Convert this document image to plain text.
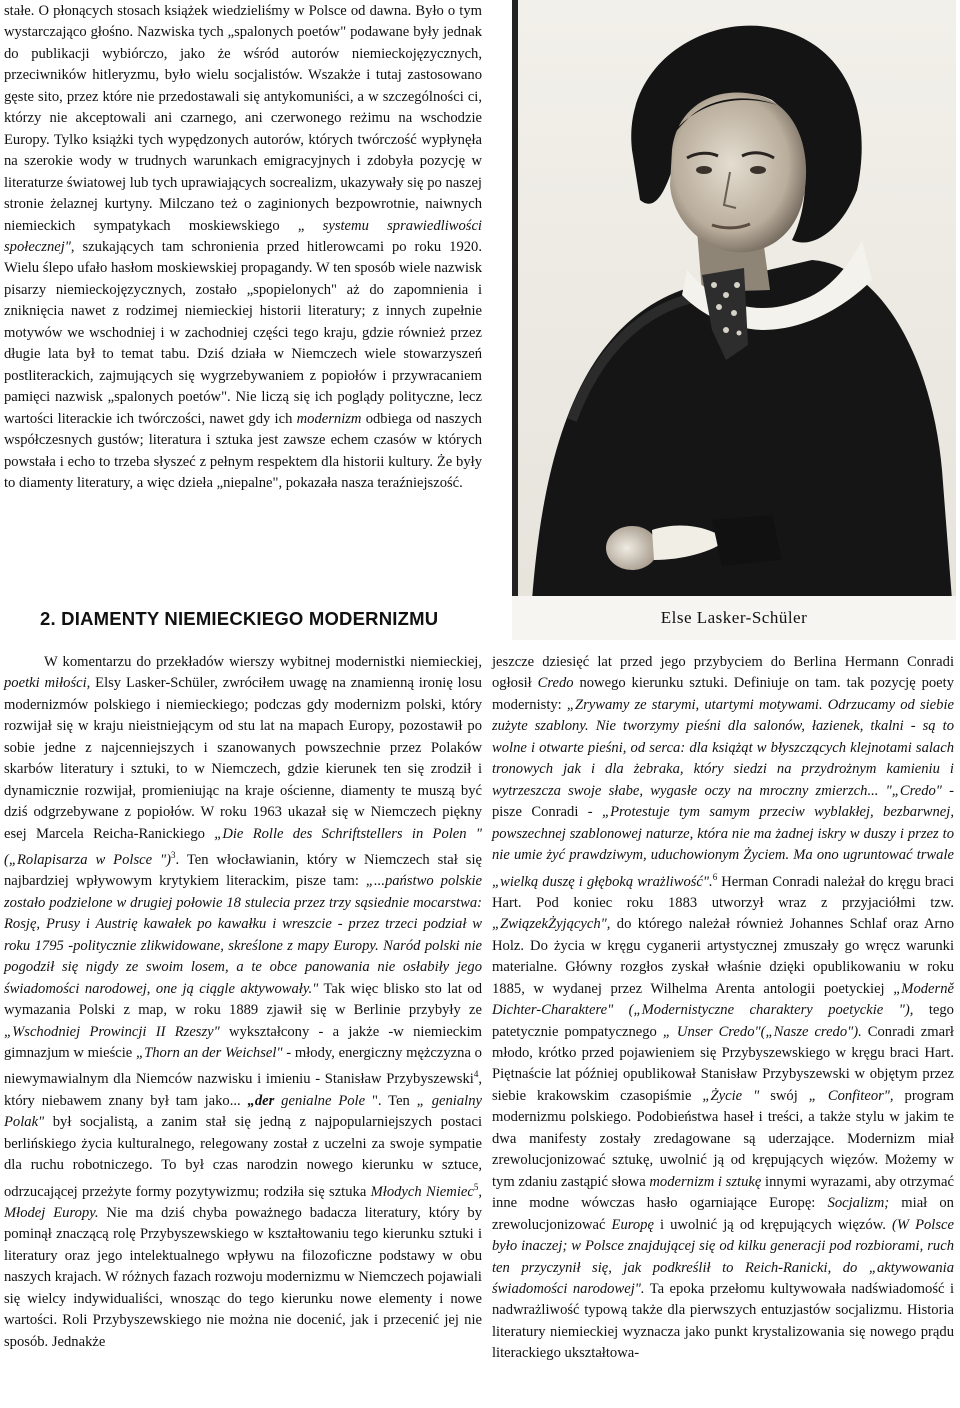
stałe. O płonących stosach książek wiedzieliśmy w Polsce od dawna. Było o tym wystarczająco głośno. Nazwiska tych „spalonych poetów" podawane były jednak do publikacji wybiórczo, jako że wśród autorów niemieckojęzycznych, przeciwników hitleryzmu, było wielu socjalistów. Wszakże i tutaj zastosowano gęste sito, przez które nie przedostawali się antykomuniści, a w szczególności ci, którzy nie akceptowali ani czarnego, ani czerwonego reżimu na wschodzie Europy. Tylko książki tych wypędzonych autorów, których twórczość wypłynęła na szerokie wody w trudnych warunkach emigracyjnych i zdobyła pozycję w literaturze światowej lub tych uprawiających socrealizm, ukazywały się po naszej stronie żelaznej kurtyny. Milczano też o zaginionych bezpowrotnie, naiwnych niemieckich sympatykach moskiewskiego „ systemu sprawiedliwości społecznej", szukających tam schronienia przed hitlerowcami po roku 1920. Wielu ślepo ufało hasłom moskiewskiej propagandy. W ten sposób wiele nazwisk pisarzy niemieckojęzycznych, zostało „spopielonych" aż do zapomnienia i zniknięcia nawet z rodzimej niemieckiej historii literatury; z innych zupełnie motywów we wschodniej i w zachodniej części tego kraju, gdzie również przez długie lata był to temat tabu. Dziś działa w Niemczech wiele stowarzyszeń postliterackich, zajmujących się wygrzebywaniem z popiołów i przywracaniem pamięci nazwisk „spalonych poetów". Nie liczą się ich poglądy polityczne, lecz wartości literackie ich twórczości, nawet gdy ich modernizm odbiega od naszych współczesnych gustów; literatura i sztuka jest zawsze echem czasów w których powstała i echo to trzeba słyszeć z pełnym respektem dla historii kultury. Że były to diamenty literatury, a więc dzieła „niepalne", pokazała nasza teraźniejszość.

2. DIAMENTY NIEMIECKIEGO MODERNIZMU

W komentarzu do przekładów wierszy wybitnej modernistki niemieckiej, poetki miłości, Elsy Lasker-Schüler, zwróciłem uwagę na znamienną ironię losu modernizmów polskiego i niemieckiego; podczas gdy modernizm polski, który rozwijał się w kraju nieistniejącym od stu lat na mapach Europy, pozostawił po sobie jedne z najcenniejszych i szanowanych powszechnie przez Polaków skarbów literatury i sztuki, to w Niemczech, gdzie kierunek ten się zrodził i dynamicznie rozwijał, promieniując na kraje ościenne, diamenty te muszą być dziś odgrzebywane z popiołów. W roku 1963 ukazał się w Niemczech piękny esej Marcela Reicha-Ranickiego „Die Rolle des Schriftstellers in Polen " („Rolapisarza w Polsce ")$^3$. Ten włocławianin, który w Niemczech stał się najbardziej wpływowym krytykiem literackim, pisze tam: „...państwo polskie zostało podzielone w drugiej połowie 18 stulecia przez trzy sąsiednie mocarstwa: Rosję, Prusy i Austrię kawałek po kawałku i wreszcie - przez trzeci podział w roku 1795 -politycznie zlikwidowane, skreślone z mapy Europy. Naród polski nie pogodził się nigdy ze swoim losem, a te obce panowania nie osłabiły jego świadomości narodowej, one ją ciągle aktywowały." Tak więc blisko sto lat od wymazania Polski z map, w roku 1889 zjawił się w Berlinie przybyły ze „Wschodniej Prowincji II Rzeszy" wykształcony - a jakże -w niemieckim gimnazjum w mieście „Thorn an der Weichsel" - młody, energiczny mężczyzna o niewymawialnym dla Niemców nazwisku i imieniu - Stanisław Przybyszewski$^4$, który niebawem znany był tam jako... „der genialne Pole ". Ten „ genialny Polak" był socjalistą, a zanim stał się jedną z najpopularniejszych postaci berlińskiego życia kulturalnego, relegowany został z uczelni za swoje sympatie dla ruchu robotniczego. To był czas narodzin nowego kierunku w sztuce, odrzucającej przeżyte formy pozytywizmu; rodziła się sztuka Młodych Niemiec$^5$, Młodej Europy. Nie ma dziś chyba poważnego badacza literatury, który by pominął znaczącą rolę Przybyszewskiego w kształtowaniu tego kierunku sztuki i literatury oraz jego intelektualnego wpływu na filozoficzne podstawy w obu naszych krajach. W różnych fazach rozwoju modernizmu w Niemczech pojawiali się wielcy indywidualiści, wnosząc do tego kierunku nowe elementy i nowe wartości. Roli Przybyszewskiego nie można nie docenić, jak i przecenić jej nie sposób. Jednakże

Else Lasker-Schüler

jeszcze dziesięć lat przed jego przybyciem do Berlina Hermann Conradi ogłosił Credo nowego kierunku sztuki. Definiuje on tam. tak pozycję poety modernisty: „Zrywamy ze starymi, utartymi motywami. Odrzucamy od siebie zużyte szablony. Nie tworzymy pieśni dla salonów, łazienek, tkalni - są to wolne i otwarte pieśni, od serca: dla książąt w błyszczących klejnotami salach tronowych jak i dla żebraka, który siedzi na przydrożnym kamieniu i wytrzeszcza swoje słabe, wygasłe oczy na mroczny zmierzch... "„Credo" - pisze Conradi - „Protestuje tym samym przeciw wyblakłej, bezbarwnej, powszechnej szablonowej naturze, która nie ma żadnej iskry w duszy i przez to nie umie żyć prawdziwym, uduchowionym Życiem. Ma ono ugruntować trwale „wielką duszę i głęboką wrażliwość".$^6$ Herman Conradi należał do kręgu braci Hart. Pod koniec roku 1883 utworzył wraz z przyjaciółmi tzw. „ZwiązekŻyjących", do którego należał również Johannes Schlaf oraz Arno Holz. Do życia w kręgu cyganerii artystycznej zmuszały go wręcz warunki materialne. Główny rozgłos zyskał właśnie dzięki opublikowaniu w roku 1885, w wydanej przez Wilhelma Arenta antologii poetyckiej „Moderně Dichter-Charaktere" („Modernistyczne charaktery poetyckie "), tego patetycznie pompatycznego „ Unser Credo"(„Nasze credo"). Conradi zmarł młodo, krótko przed pojawieniem się Przybyszewskiego w kręgu braci Hart. Piętnaście lat później opublikował Stanisław Przybyszewski w objętym przez siebie krakowskim czasopiśmie „Życie " swój „ Confiteor", program modernizmu polskiego. Podobieństwa haseł i treści, a także stylu w jakim te dwa manifesty zostały zredagowane są uderzające. Modernizm miał zrewolucjonizować sztukę, uwolnić ją od krępujących więzów. Możemy w tym zdaniu zastąpić słowa modernizm i sztukę innymi wyrazami, aby otrzymać inne modne wówczas hasło ogarniające Europę: Socjalizm; miał on zrewolucjonizować Europę i uwolnić ją od krępujących więzów. (W Polsce było inaczej; w Polsce znajdującej się od kilku generacji pod rozbiorami, ruch ten przyczynił się, jak podkreślił to Reich-Ranicki, do „aktywowania świadomości narodowej". Ta epoka przełomu kultywowała nadświadomość i nadwrażliwość typową także dla pierwszych entuzjastów socjalizmu. Historia literatury niemieckiej wyznacza jako punkt krystalizowania się nowego prądu literackiego ukształtowa-
